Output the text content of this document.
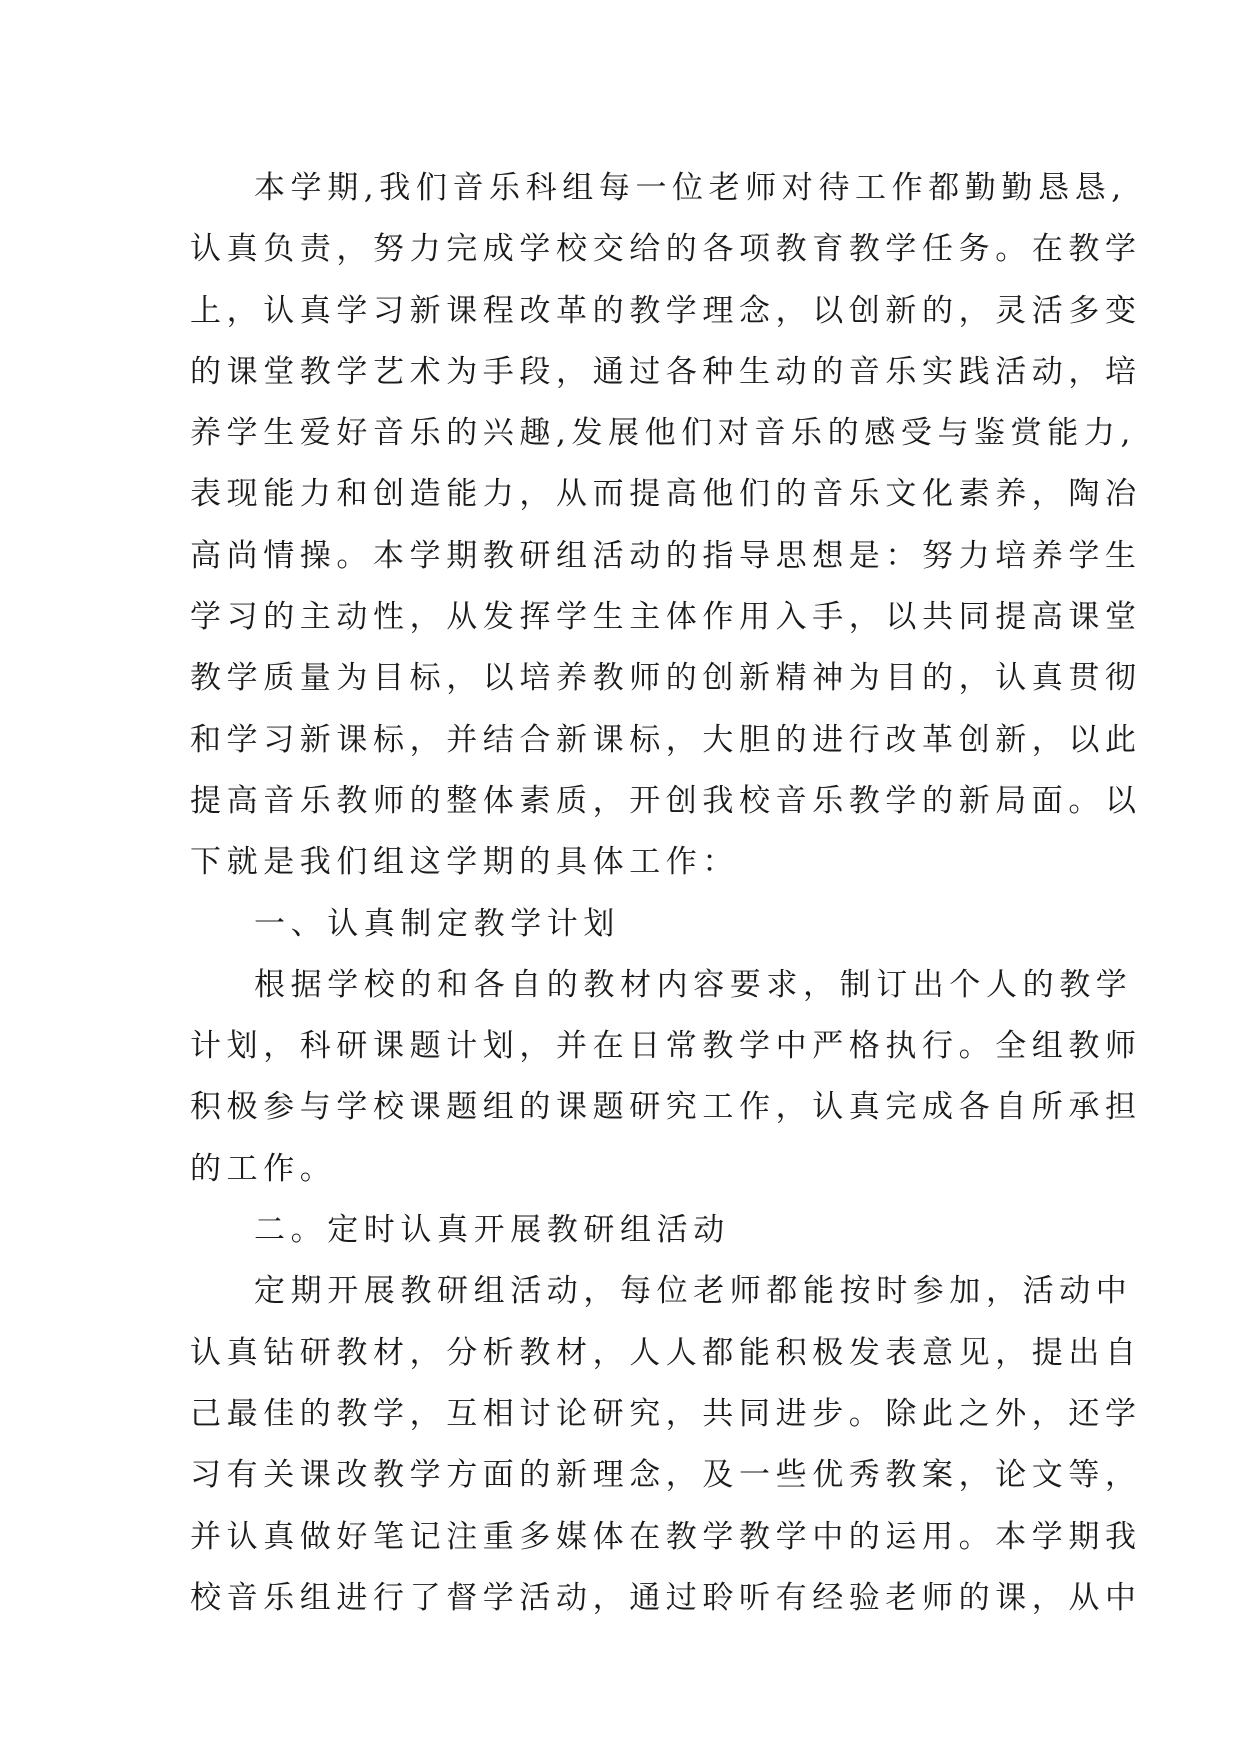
本学期,我们音乐科组每一位老师对待工作都勤勤恳恳,
认真负责，努力完成学校交给的各项教育教学任务。在教学
上，认真学习新课程改革的教学理念，以创新的，灵活多变
的课堂教学艺术为手段，通过各种生动的音乐实践活动，培
养学生爱好音乐的兴趣,发展他们对音乐的感受与鉴赏能力,
表现能力和创造能力，从而提高他们的音乐文化素养，陶冶
高尚情操。本学期教研组活动的指导思想是：努力培养学生
学习的主动性，从发挥学生主体作用入手，以共同提高课堂
教学质量为目标，以培养教师的创新精神为目的，认真贯彻
和学习新课标，并结合新课标，大胆的进行改革创新，以此
提高音乐教师的整体素质，开创我校音乐教学的新局面。以
下就是我们组这学期的具体工作：
一、认真制定教学计划
根据学校的和各自的教材内容要求，制订出个人的教学
计划，科研课题计划，并在日常教学中严格执行。全组教师
积极参与学校课题组的课题研究工作，认真完成各自所承担
的工作。
二。定时认真开展教研组活动
定期开展教研组活动，每位老师都能按时参加，活动中
认真钻研教材，分析教材，人人都能积极发表意见，提出自
己最佳的教学，互相讨论研究，共同进步。除此之外，还学
习有关课改教学方面的新理念，及一些优秀教案，论文等，
并认真做好笔记注重多媒体在教学教学中的运用。本学期我
校音乐组进行了督学活动，通过聆听有经验老师的课，从中
